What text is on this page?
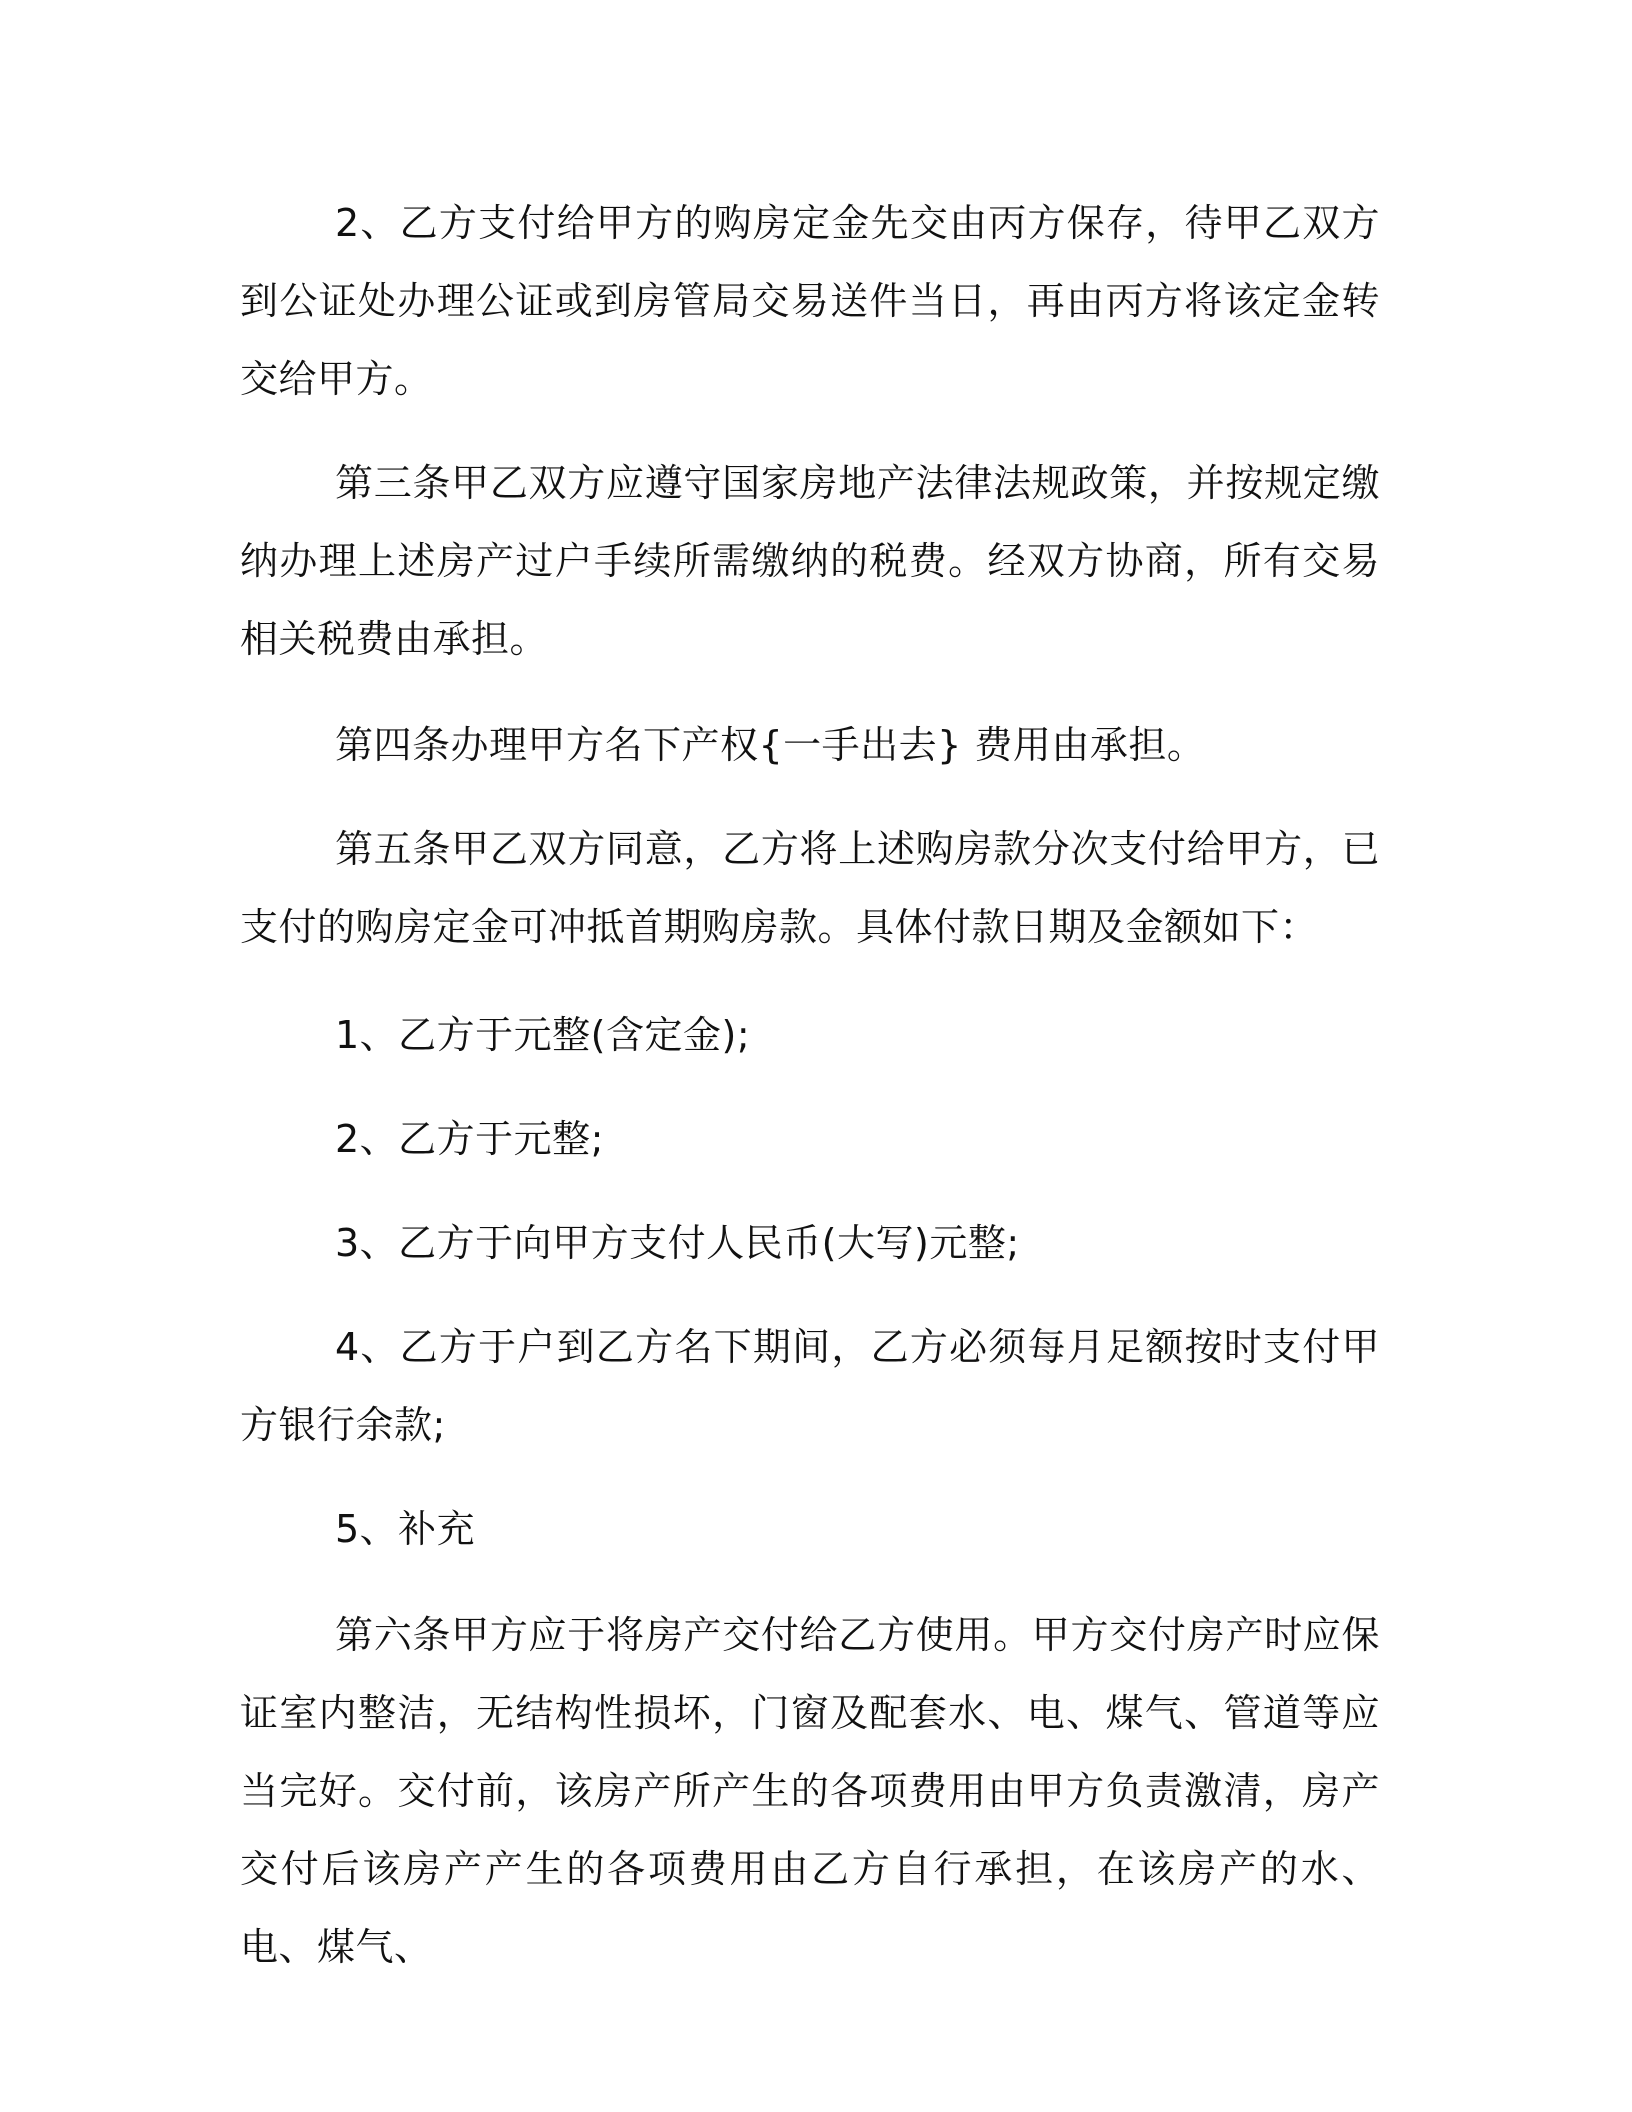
2、乙方支付给甲方的购房定金先交由丙方保存，待甲乙双方到公证处办理公证或到房管局交易送件当日，再由丙方将该定金转交给甲方。

第三条甲乙双方应遵守国家房地产法律法规政策，并按规定缴纳办理上述房产过户手续所需缴纳的税费。经双方协商，所有交易相关税费由承担。

第四条办理甲方名下产权{一手出去} 费用由承担。

第五条甲乙双方同意，乙方将上述购房款分次支付给甲方，已支付的购房定金可冲抵首期购房款。具体付款日期及金额如下：

1、乙方于元整(含定金);

2、乙方于元整;

3、乙方于向甲方支付人民币(大写)元整;

4、乙方于户到乙方名下期间，乙方必须每月足额按时支付甲方银行余款;

5、补充

第六条甲方应于将房产交付给乙方使用。甲方交付房产时应保证室内整洁，无结构性损坏，门窗及配套水、电、煤气、管道等应当完好。交付前，该房产所产生的各项费用由甲方负责激清，房产交付后该房产产生的各项费用由乙方自行承担，在该房产的水、电、煤气、
